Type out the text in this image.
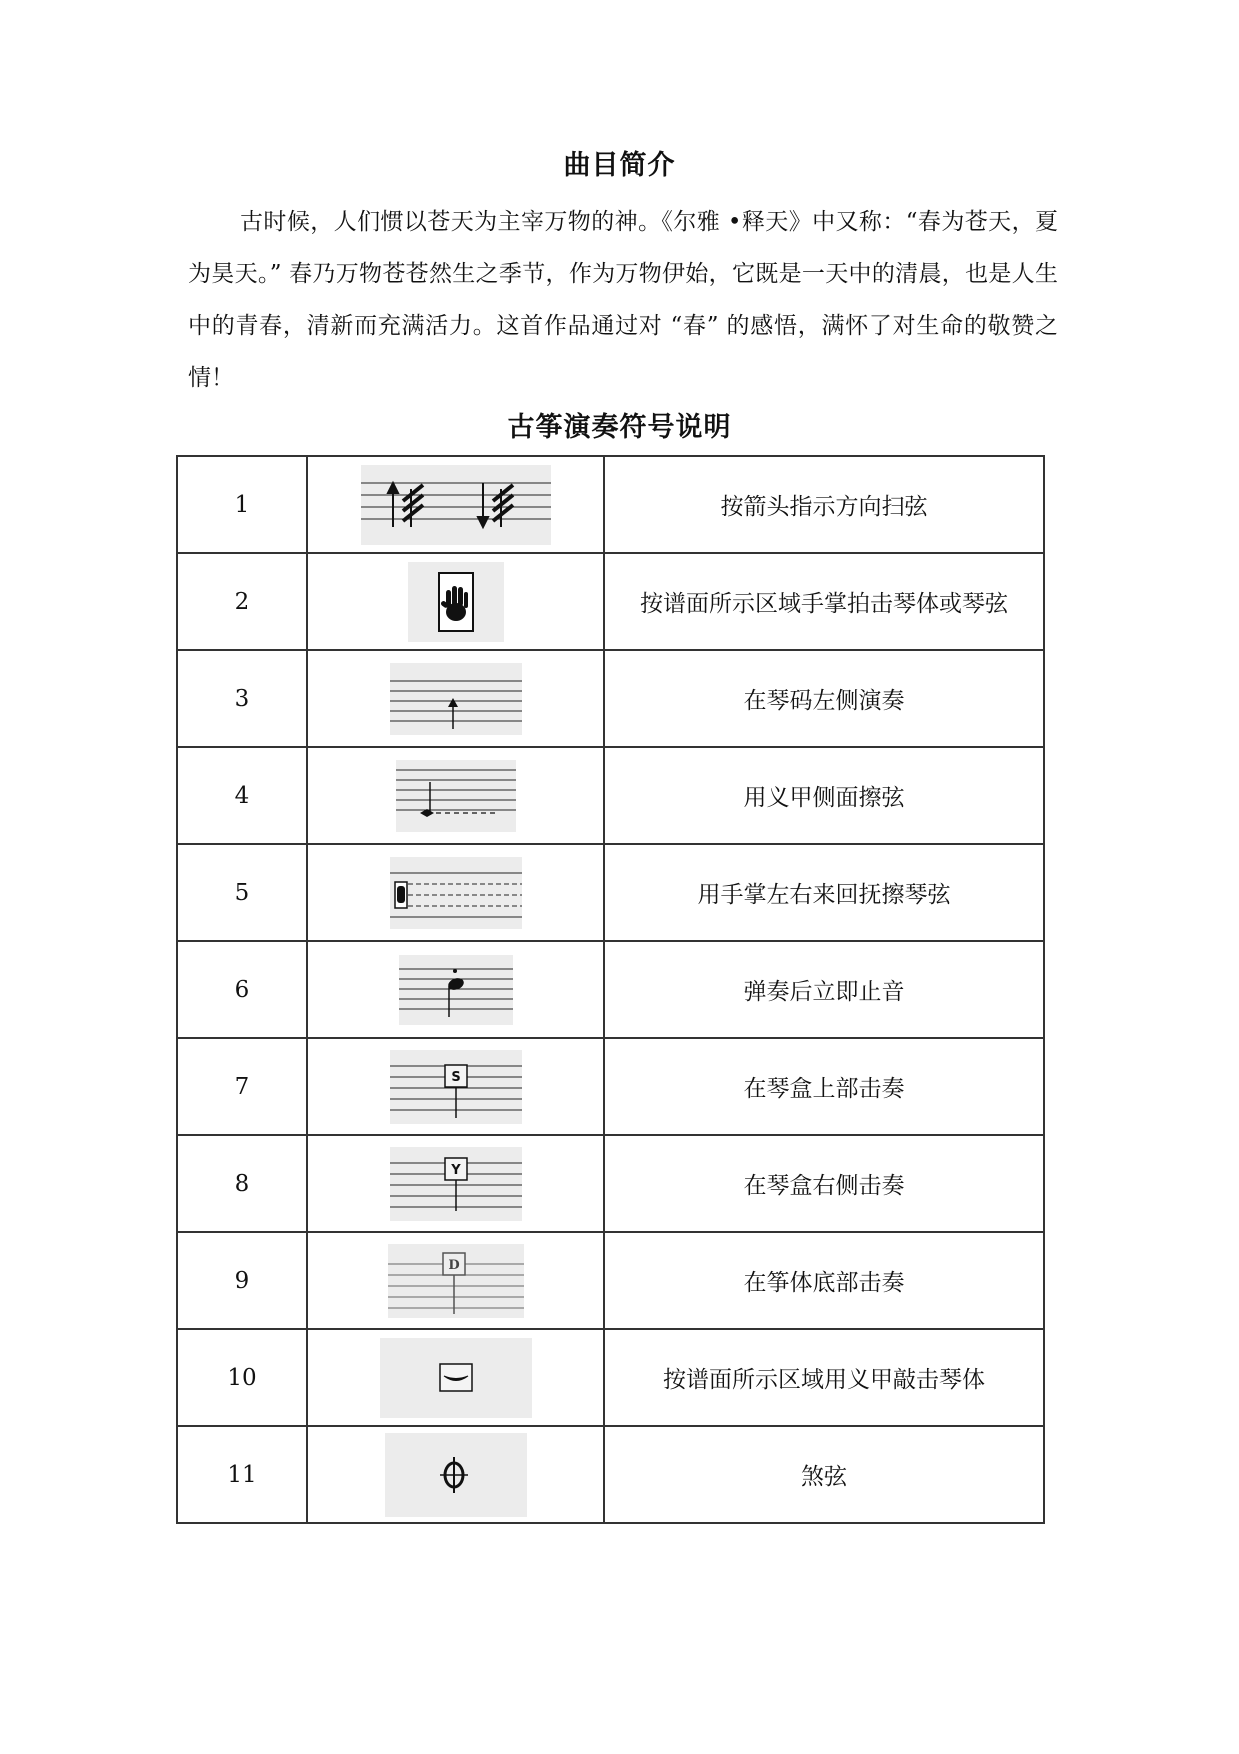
曲目简介

古时候，人们惯以苍天为主宰万物的神。《尔雅 •释天》中又称：“春为苍天，夏为昊天。” 春乃万物苍苍然生之季节，作为万物伊始，它既是一天中的清晨，也是人生中的青春，清新而充满活力。这首作品通过对 “春” 的感悟，满怀了对生命的敬赞之情！

古筝演奏符号说明
1		按箭头指示方向扫弦
2		按谱面所示区域手掌拍击琴体或琴弦
3		在琴码左侧演奏
4		用义甲侧面擦弦
5		用手掌左右来回抚擦琴弦
6		弹奏后立即止音
7	S	在琴盒上部击奏
8	Y	在琴盒右侧击奏
9	D	在筝体底部击奏
10		按谱面所示区域用义甲敲击琴体
11		煞弦
